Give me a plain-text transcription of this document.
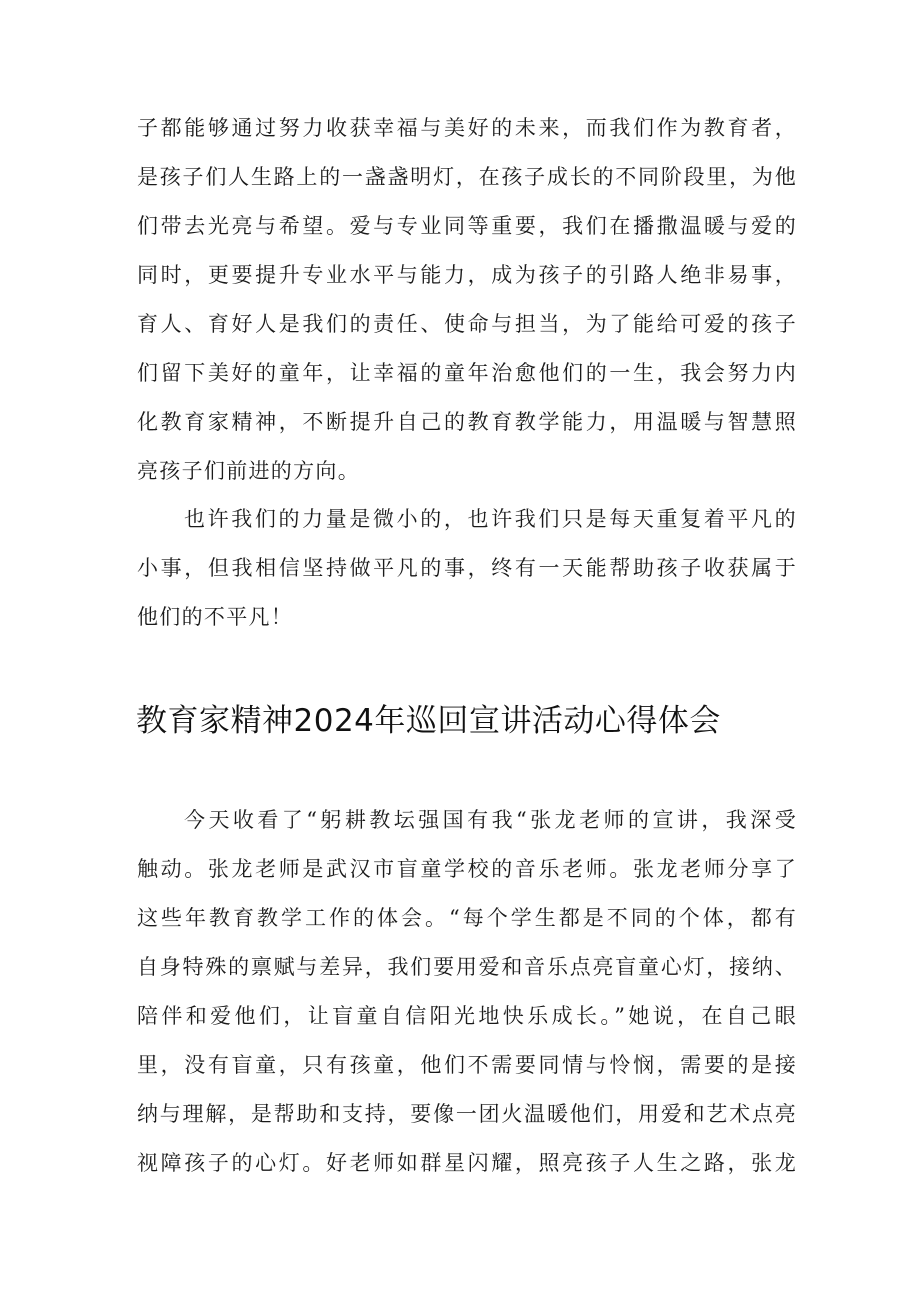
子都能够通过努力收获幸福与美好的未来，而我们作为教育者，
是孩子们人生路上的一盏盏明灯，在孩子成长的不同阶段里，为他
们带去光亮与希望。爱与专业同等重要，我们在播撒温暖与爱的
同时，更要提升专业水平与能力，成为孩子的引路人绝非易事，
育人、育好人是我们的责任、使命与担当，为了能给可爱的孩子
们留下美好的童年，让幸福的童年治愈他们的一生，我会努力内
化教育家精神，不断提升自己的教育教学能力，用温暖与智慧照
亮孩子们前进的方向。
也许我们的力量是微小的，也许我们只是每天重复着平凡的
小事，但我相信坚持做平凡的事，终有一天能帮助孩子收获属于
他们的不平凡！
教育家精神2024年巡回宣讲活动心得体会
今天收看了“躬耕教坛强国有我“张龙老师的宣讲，我深受
触动。张龙老师是武汉市盲童学校的音乐老师。张龙老师分享了
这些年教育教学工作的体会。“每个学生都是不同的个体，都有
自身特殊的禀赋与差异，我们要用爱和音乐点亮盲童心灯，接纳、
陪伴和爱他们，让盲童自信阳光地快乐成长。”她说，在自己眼
里，没有盲童，只有孩童，他们不需要同情与怜悯，需要的是接
纳与理解，是帮助和支持，要像一团火温暖他们，用爱和艺术点亮
视障孩子的心灯。好老师如群星闪耀，照亮孩子人生之路，张龙
